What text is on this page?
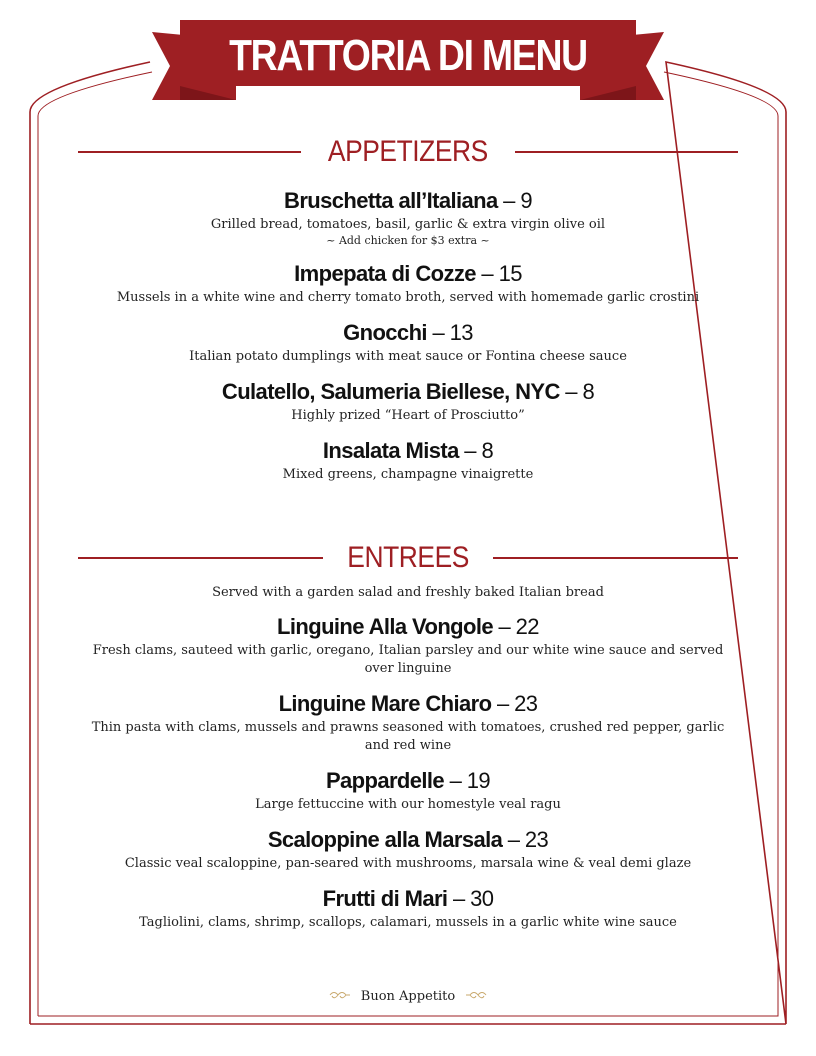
TRATTORIA DI MENU
APPETIZERS
Bruschetta all’Italiana – 9
Grilled bread, tomatoes, basil, garlic & extra virgin olive oil
~ Add chicken for $3 extra ~
Impepata di Cozze – 15
Mussels in a white wine and cherry tomato broth, served with homemade garlic crostini
Gnocchi – 13
Italian potato dumplings with meat sauce or Fontina cheese sauce
Culatello, Salumeria Biellese, NYC – 8
Highly prized “Heart of Prosciutto”
Insalata Mista – 8
Mixed greens, champagne vinaigrette
ENTREES
Served with a garden salad and freshly baked Italian bread
Linguine Alla Vongole – 22
Fresh clams, sauteed with garlic, oregano, Italian parsley and our white wine sauce and served over linguine
Linguine Mare Chiaro – 23
Thin pasta with clams, mussels and prawns seasoned with tomatoes, crushed red pepper, garlic and red wine
Pappardelle – 19
Large fettuccine with our homestyle veal ragu
Scaloppine alla Marsala – 23
Classic veal scaloppine, pan-seared with mushrooms, marsala wine & veal demi glaze
Frutti di Mari – 30
Tagliolini, clams, shrimp, scallops, calamari, mussels in a garlic white wine sauce
Buon Appetito
